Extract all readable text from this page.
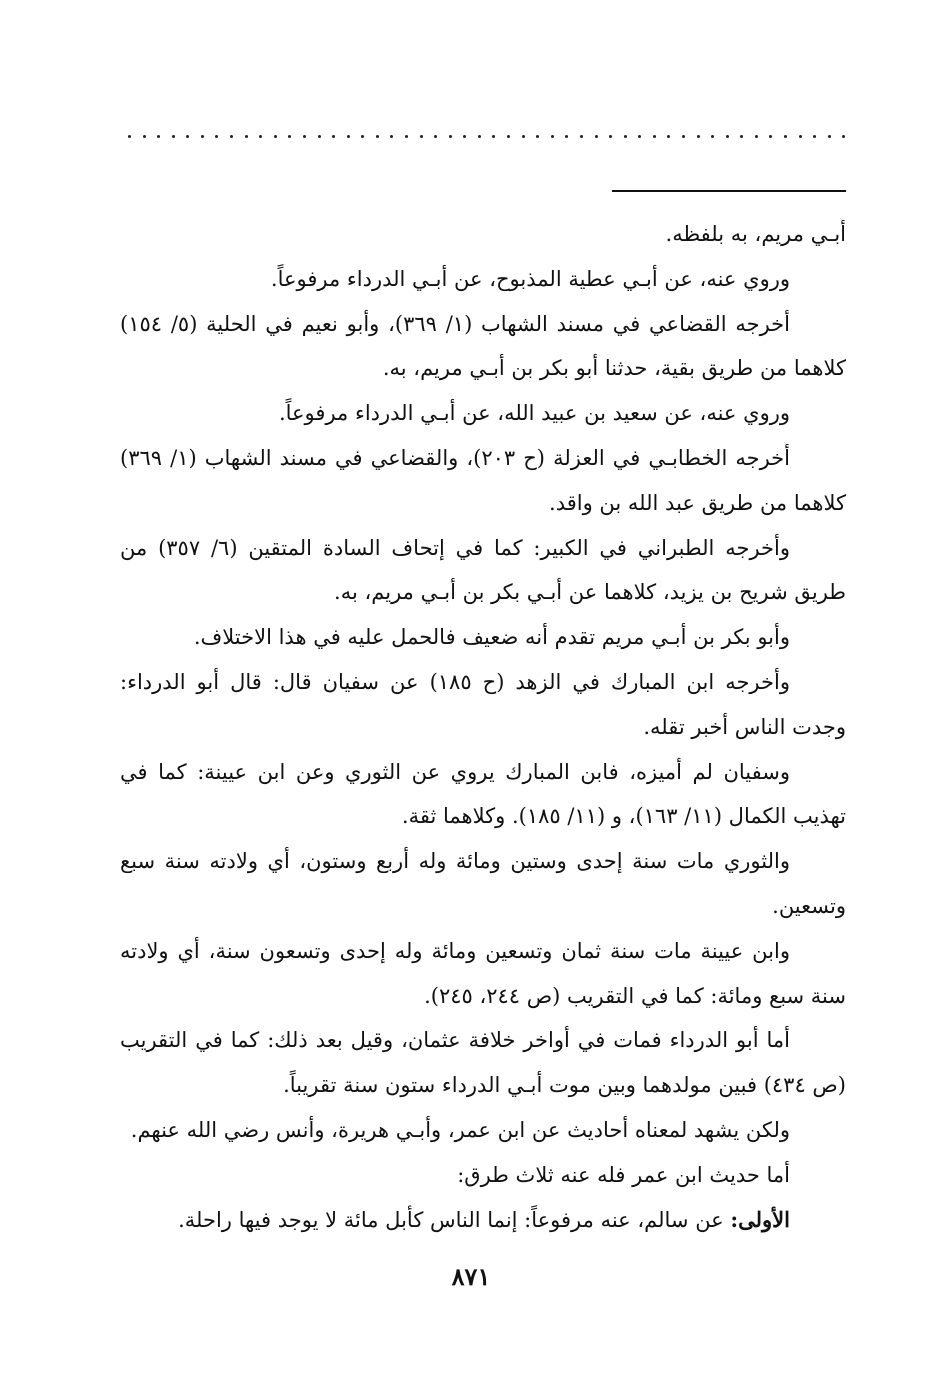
أبـي مريم، به بلفظه.

وروي عنه، عن أبـي عطية المذبوح، عن أبـي الدرداء مرفوعاً.

أخرجه القضاعي في مسند الشهاب (١/ ٣٦٩)، وأبو نعيم في الحلية (٥/ ١٥٤) كلاهما من طريق بقية، حدثنا أبو بكر بن أبـي مريم، به.

وروي عنه، عن سعيد بن عبيد الله، عن أبـي الدرداء مرفوعاً.

أخرجه الخطابـي في العزلة (ح ٢٠٣)، والقضاعي في مسند الشهاب (١/ ٣٦٩) كلاهما من طريق عبد الله بن واقد.

وأخرجه الطبراني في الكبير: كما في إتحاف السادة المتقين (٦/ ٣٥٧) من طريق شريح بن يزيد، كلاهما عن أبـي بكر بن أبـي مريم، به.

وأبو بكر بن أبـي مريم تقدم أنه ضعيف فالحمل عليه في هذا الاختلاف.

وأخرجه ابن المبارك في الزهد (ح ١٨٥) عن سفيان قال: قال أبو الدرداء: وجدت الناس أخبر تقله.

وسفيان لم أميزه، فابن المبارك يروي عن الثوري وعن ابن عيينة: كما في تهذيب الكمال (١١/ ١٦٣)، و (١١/ ١٨٥). وكلاهما ثقة.

والثوري مات سنة إحدى وستين ومائة وله أربع وستون، أي ولادته سنة سبع وتسعين.

وابن عيينة مات سنة ثمان وتسعين ومائة وله إحدى وتسعون سنة، أي ولادته سنة سبع ومائة: كما في التقريب (ص ٢٤٤، ٢٤٥).

أما أبو الدرداء فمات في أواخر خلافة عثمان، وقيل بعد ذلك: كما في التقريب (ص ٤٣٤) فبين مولدهما وبين موت أبـي الدرداء ستون سنة تقريباً.

ولكن يشهد لمعناه أحاديث عن ابن عمر، وأبـي هريرة، وأنس رضي الله عنهم.

أما حديث ابن عمر فله عنه ثلاث طرق:

الأولى: عن سالم، عنه مرفوعاً: إنما الناس كأبل مائة لا يوجد فيها راحلة.

٨٧١
